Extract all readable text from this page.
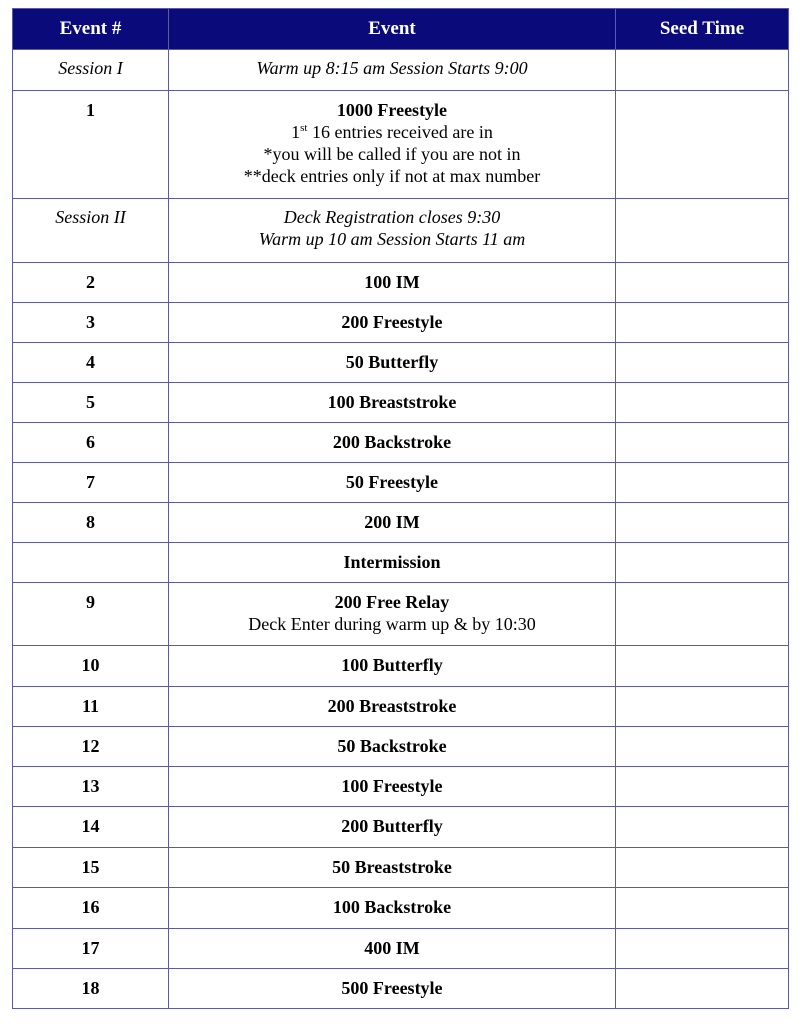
Event #	Event	Seed Time
Session I	Warm up 8:15 am Session Starts 9:00	
1	1000 Freestyle
1st 16 entries received are in
*you will be called if you are not in
**deck entries only if not at max number	

Session II	Deck Registration closes 9:30
Warm up 10 am Session Starts 11 am	

2	100 IM	
3	200 Freestyle	
4	50 Butterfly	
5	100 Breaststroke	
6	200 Backstroke	
7	50 Freestyle	
8	200 IM	
	Intermission	
9	200 Free Relay
Deck Enter during warm up & by 10:30	

10	100 Butterfly	
11	200 Breaststroke	
12	50 Backstroke	
13	100 Freestyle	
14	200 Butterfly	
15	50 Breaststroke	
16	100 Backstroke	
17	400 IM	
18	500 Freestyle	
